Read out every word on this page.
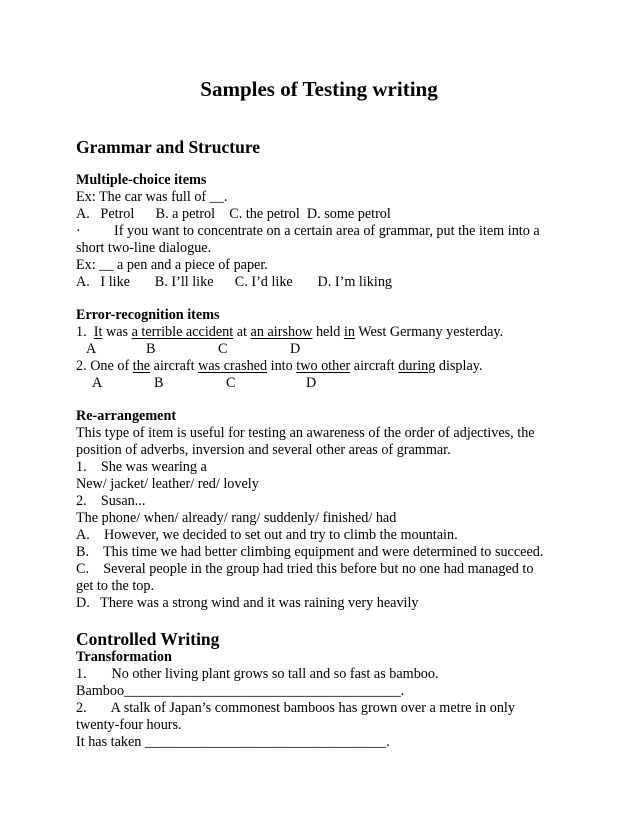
Samples of Testing writing
Grammar and Structure
Multiple-choice items
Ex: The car was full of __.
A.   Petrol      B. a petrol    C. the petrol  D. some petrol
· If you want to concentrate on a certain area of grammar, put the item into a
short two-line dialogue.
Ex: __ a pen and a piece of paper.
A.   I like       B. I’ll like      C. I’d like       D. I’m liking
Error-recognition items
1.  It was a terrible accident at an airshow held in West Germany yesterday.
A	B	C	D
2. One of the aircraft was crashed into two other aircraft during display.
A	B	C	D
Re-arrangement
This type of item is useful for testing an awareness of the order of adjectives, the
position of adverbs, inversion and several other areas of grammar.
1.    She was wearing a
New/ jacket/ leather/ red/ lovely
2.    Susan...
The phone/ when/ already/ rang/ suddenly/ finished/ had
A.    However, we decided to set out and try to climb the mountain.
B.    This time we had better climbing equipment and were determined to succeed.
C.    Several people in the group had tried this before but no one had managed to
get to the top.
D.   There was a strong wind and it was raining very heavily
Controlled Writing
Transformation
1.       No other living plant grows so tall and so fast as bamboo.
Bamboo_______________________________________.
2.       A stalk of Japan’s commonest bamboos has grown over a metre in only
twenty-four hours.
It has taken __________________________________.
